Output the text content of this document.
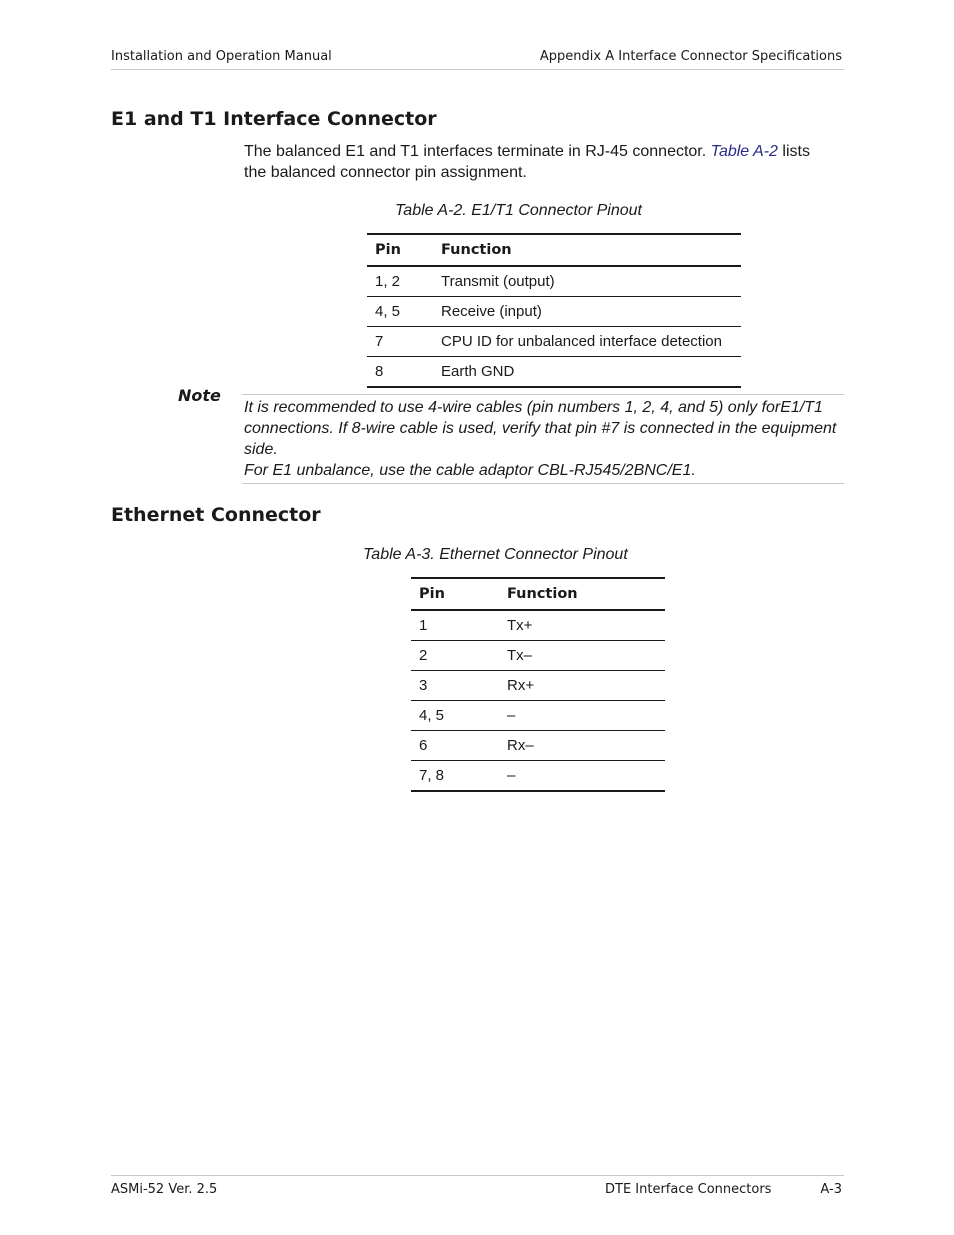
Installation and Operation Manual	Appendix A Interface Connector Specifications
E1 and T1 Interface Connector
The balanced E1 and T1 interfaces terminate in RJ-45 connector. Table A-2 lists the balanced connector pin assignment.
Table A-2. E1/T1 Connector Pinout
Pin	Function
1, 2	Transmit (output)
4, 5	Receive (input)
7	CPU ID for unbalanced interface detection
8	Earth GND
Note
It is recommended to use 4-wire cables (pin numbers 1, 2, 4, and 5) only forE1/T1 connections. If 8-wire cable is used, verify that pin #7 is connected in the equipment side.
For E1 unbalance, use the cable adaptor CBL-RJ545/2BNC/E1.
Ethernet Connector
Table A-3. Ethernet Connector Pinout
Pin	Function
1	Tx+
2	Tx–
3	Rx+
4, 5	–
6	Rx–
7, 8	–
ASMi-52 Ver. 2.5	DTE Interface Connectors	A-3
